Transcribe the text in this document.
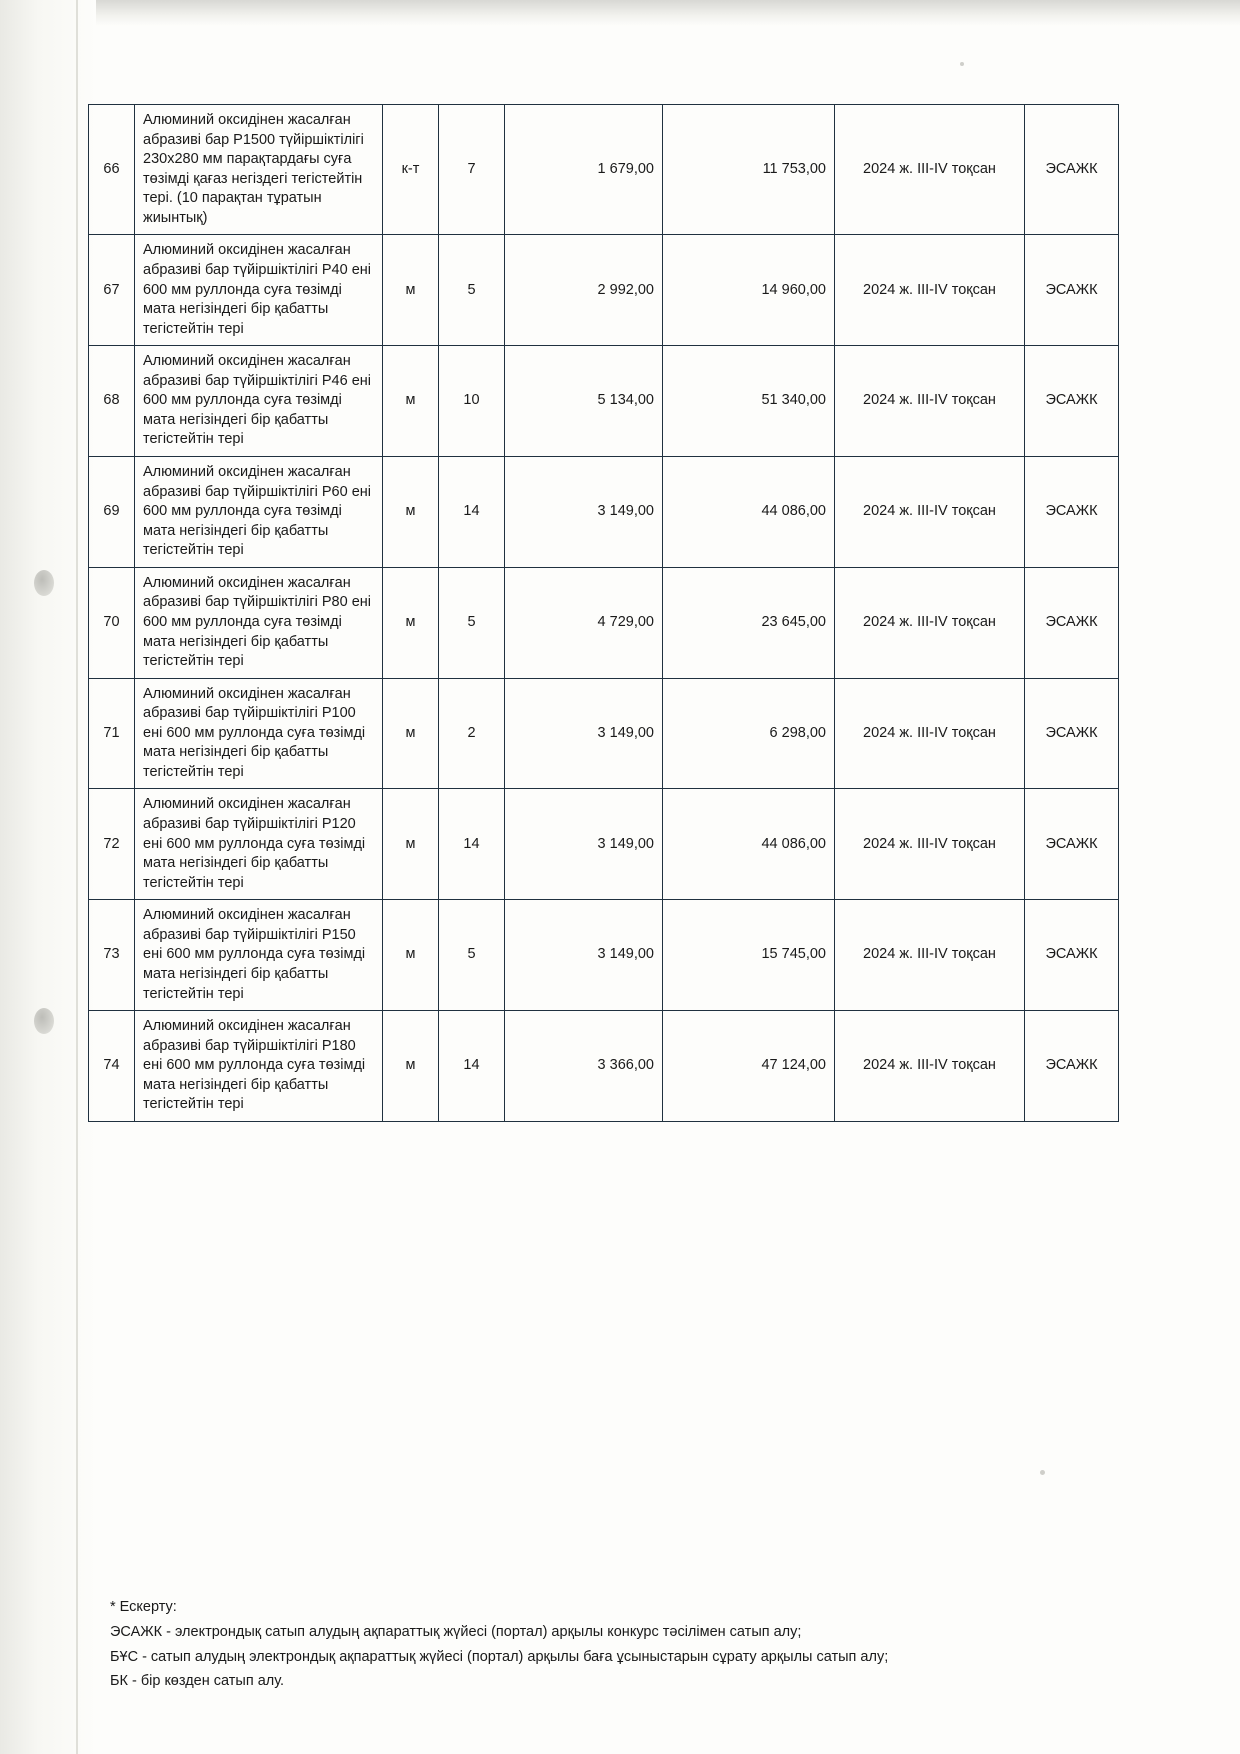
66	Алюминий оксидінен жасалған абразиві бар Р1500 түйіршіктілігі 230х280 мм парақтардағы суға төзімді қағаз негіздегі тегістейтін тері. (10 парақтан тұратын жиынтық)	к-т	7	1 679,00	11 753,00	2024 ж. III-IV тоқсан	ЭСАЖК
67	Алюминий оксидінен жасалған абразиві бар түйіршіктілігі Р40 ені 600 мм руллонда суға төзімді мата негізіндегі бір қабатты тегістейтін тері	м	5	2 992,00	14 960,00	2024 ж. III-IV тоқсан	ЭСАЖК
68	Алюминий оксидінен жасалған абразиві бар түйіршіктілігі Р46 ені 600 мм руллонда суға төзімді мата негізіндегі бір қабатты тегістейтін тері	м	10	5 134,00	51 340,00	2024 ж. III-IV тоқсан	ЭСАЖК
69	Алюминий оксидінен жасалған абразиві бар түйіршіктілігі Р60 ені 600 мм руллонда суға төзімді мата негізіндегі бір қабатты тегістейтін тері	м	14	3 149,00	44 086,00	2024 ж. III-IV тоқсан	ЭСАЖК
70	Алюминий оксидінен жасалған абразиві бар түйіршіктілігі Р80 ені 600 мм руллонда суға төзімді мата негізіндегі бір қабатты тегістейтін тері	м	5	4 729,00	23 645,00	2024 ж. III-IV тоқсан	ЭСАЖК
71	Алюминий оксидінен жасалған абразиві бар түйіршіктілігі Р100 ені 600 мм руллонда суға төзімді мата негізіндегі бір қабатты тегістейтін тері	м	2	3 149,00	6 298,00	2024 ж. III-IV тоқсан	ЭСАЖК
72	Алюминий оксидінен жасалған абразиві бар түйіршіктілігі Р120 ені 600 мм руллонда суға төзімді мата негізіндегі бір қабатты тегістейтін тері	м	14	3 149,00	44 086,00	2024 ж. III-IV тоқсан	ЭСАЖК
73	Алюминий оксидінен жасалған абразиві бар түйіршіктілігі Р150 ені 600 мм руллонда суға төзімді мата негізіндегі бір қабатты тегістейтін тері	м	5	3 149,00	15 745,00	2024 ж. III-IV тоқсан	ЭСАЖК
74	Алюминий оксидінен жасалған абразиві бар түйіршіктілігі Р180 ені 600 мм руллонда суға төзімді мата негізіндегі бір қабатты тегістейтін тері	м	14	3 366,00	47 124,00	2024 ж. III-IV тоқсан	ЭСАЖК
* Ескерту:
ЭСАЖК - электрондық сатып алудың ақпараттық жүйесі (портал) арқылы конкурс тәсілімен сатып алу;
БҰС - сатып алудың электрондық ақпараттық жүйесі (портал) арқылы баға ұсыныстарын сұрату арқылы сатып алу;
БК - бір көзден сатып алу.
